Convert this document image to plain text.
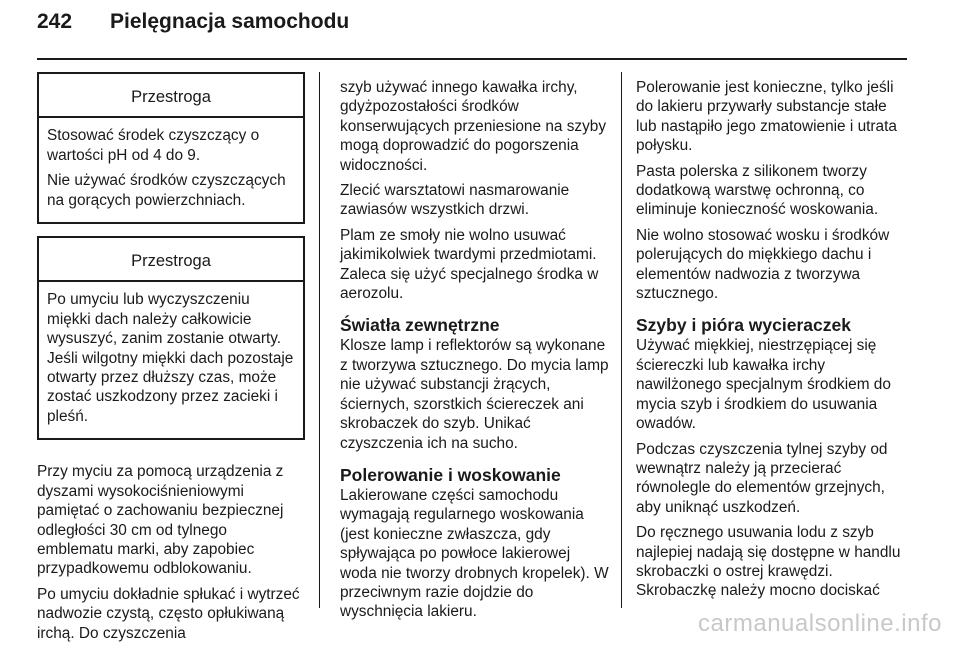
242 Pielęgnacja samochodu
Przestroga

Stosować środek czyszczący o wartości pH od 4 do 9.

Nie używać środków czyszczących na gorących powierzchniach.

Przestroga

Po umyciu lub wyczyszczeniu miękki dach należy całkowicie wysuszyć, zanim zostanie otwarty. Jeśli wilgotny miękki dach pozostaje otwarty przez dłuższy czas, może zostać uszkodzony przez zacieki i pleśń.

Przy myciu za pomocą urządzenia z dyszami wysokociśnieniowymi pamiętać o zachowaniu bezpiecznej odległości 30 cm od tylnego emblematu marki, aby zapobiec przypadkowemu odblokowaniu.

Po umyciu dokładnie spłukać i wytrzeć nadwozie czystą, często opłukiwaną irchą. Do czyszczenia

szyb używać innego kawałka irchy, gdyżpozostałości środków konserwujących przeniesione na szyby mogą doprowadzić do pogorszenia widoczności.

Zlecić warsztatowi nasmarowanie zawiasów wszystkich drzwi.

Plam ze smoły nie wolno usuwać jakimikolwiek twardymi przedmiotami. Zaleca się użyć specjalnego środka w aerozolu.

Światła zewnętrzne

Klosze lamp i reflektorów są wykonane z tworzywa sztucznego. Do mycia lamp nie używać substancji żrących, ściernych, szorstkich ściereczek ani skrobaczek do szyb. Unikać czyszczenia ich na sucho.

Polerowanie i woskowanie

Lakierowane części samochodu wymagają regularnego woskowania (jest konieczne zwłaszcza, gdy spływająca po powłoce lakierowej woda nie tworzy drobnych kropelek). W przeciwnym razie dojdzie do wyschnięcia lakieru.

Polerowanie jest konieczne, tylko jeśli do lakieru przywarły substancje stałe lub nastąpiło jego zmatowienie i utrata połysku.

Pasta polerska z silikonem tworzy dodatkową warstwę ochronną, co eliminuje konieczność woskowania.

Nie wolno stosować wosku i środków polerujących do miękkiego dachu i elementów nadwozia z tworzywa sztucznego.

Szyby i pióra wycieraczek

Używać miękkiej, niestrzępiącej się ściereczki lub kawałka irchy nawilżonego specjalnym środkiem do mycia szyb i środkiem do usuwania owadów.

Podczas czyszczenia tylnej szyby od wewnątrz należy ją przecierać równolegle do elementów grzejnych, aby uniknąć uszkodzeń.

Do ręcznego usuwania lodu z szyb najlepiej nadają się dostępne w handlu skrobaczki o ostrej krawędzi. Skrobaczkę należy mocno dociskać

carmanualsonline.info
